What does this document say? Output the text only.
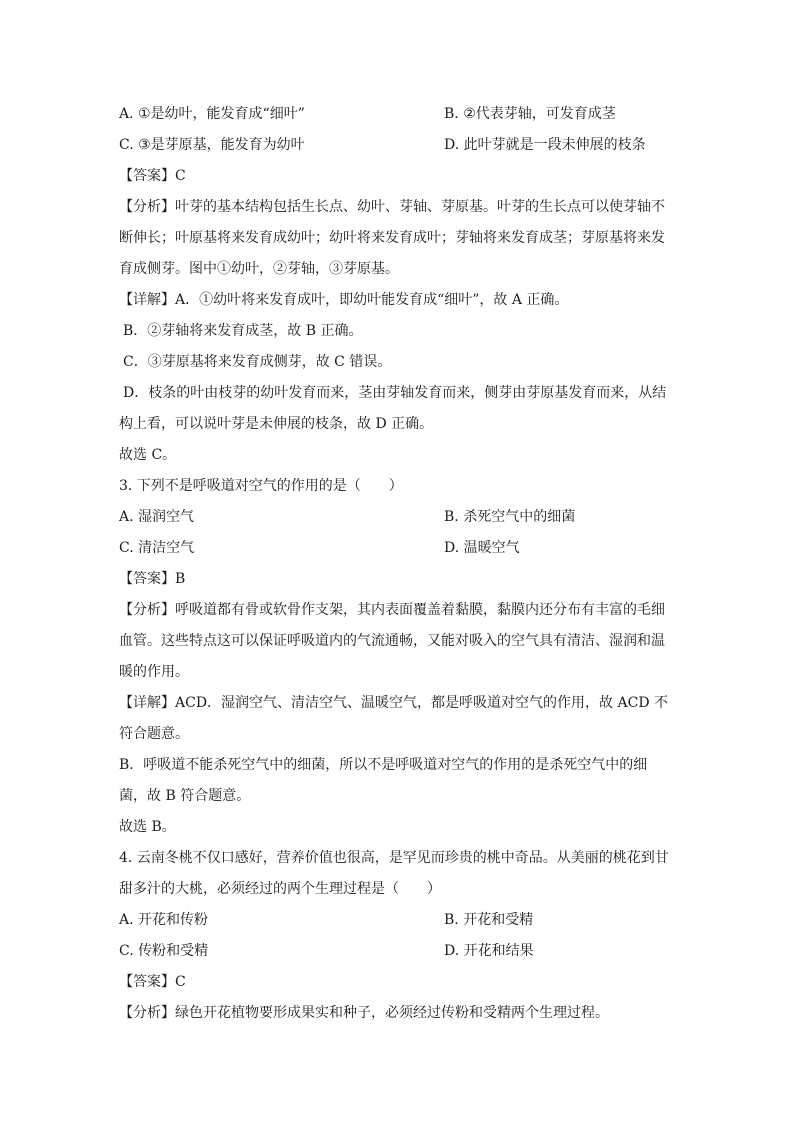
A. ①是幼叶，能发育成“细叶”	B. ②代表芽轴，可发育成茎
C. ③是芽原基，能发育为幼叶	D. 此叶芽就是一段未伸展的枝条
【答案】C
【分析】叶芽的基本结构包括生长点、幼叶、芽轴、芽原基。叶芽的生长点可以使芽轴不
断伸长；叶原基将来发育成幼叶；幼叶将来发育成叶；芽轴将来发育成茎；芽原基将来发
育成侧芽。图中①幼叶，②芽轴，③芽原基。
【详解】A．①幼叶将来发育成叶，即幼叶能发育成“细叶”，故 A 正确。
B．②芽轴将来发育成茎，故 B 正确。
C．③芽原基将来发育成侧芽，故 C 错误。
D．枝条的叶由枝芽的幼叶发育而来，茎由芽轴发育而来，侧芽由芽原基发育而来，从结
构上看，可以说叶芽是未伸展的枝条，故 D 正确。
故选 C。
3. 下列不是呼吸道对空气的作用的是（　　）
A. 湿润空气	B. 杀死空气中的细菌
C. 清洁空气	D. 温暖空气
【答案】B
【分析】呼吸道都有骨或软骨作支架，其内表面覆盖着黏膜，黏膜内还分布有丰富的毛细
血管。这些特点这可以保证呼吸道内的气流通畅，又能对吸入的空气具有清洁、湿润和温
暖的作用。
【详解】ACD．湿润空气、清洁空气、温暖空气，都是呼吸道对空气的作用，故 ACD 不
符合题意。
B．呼吸道不能杀死空气中的细菌，所以不是呼吸道对空气的作用的是杀死空气中的细
菌，故 B 符合题意。
故选 B。
4. 云南冬桃不仅口感好，营养价值也很高，是罕见而珍贵的桃中奇品。从美丽的桃花到甘
甜多汁的大桃，必须经过的两个生理过程是（　　）
A. 开花和传粉	B. 开花和受精
C. 传粉和受精	D. 开花和结果
【答案】C
【分析】绿色开花植物要形成果实和种子，必须经过传粉和受精两个生理过程。
